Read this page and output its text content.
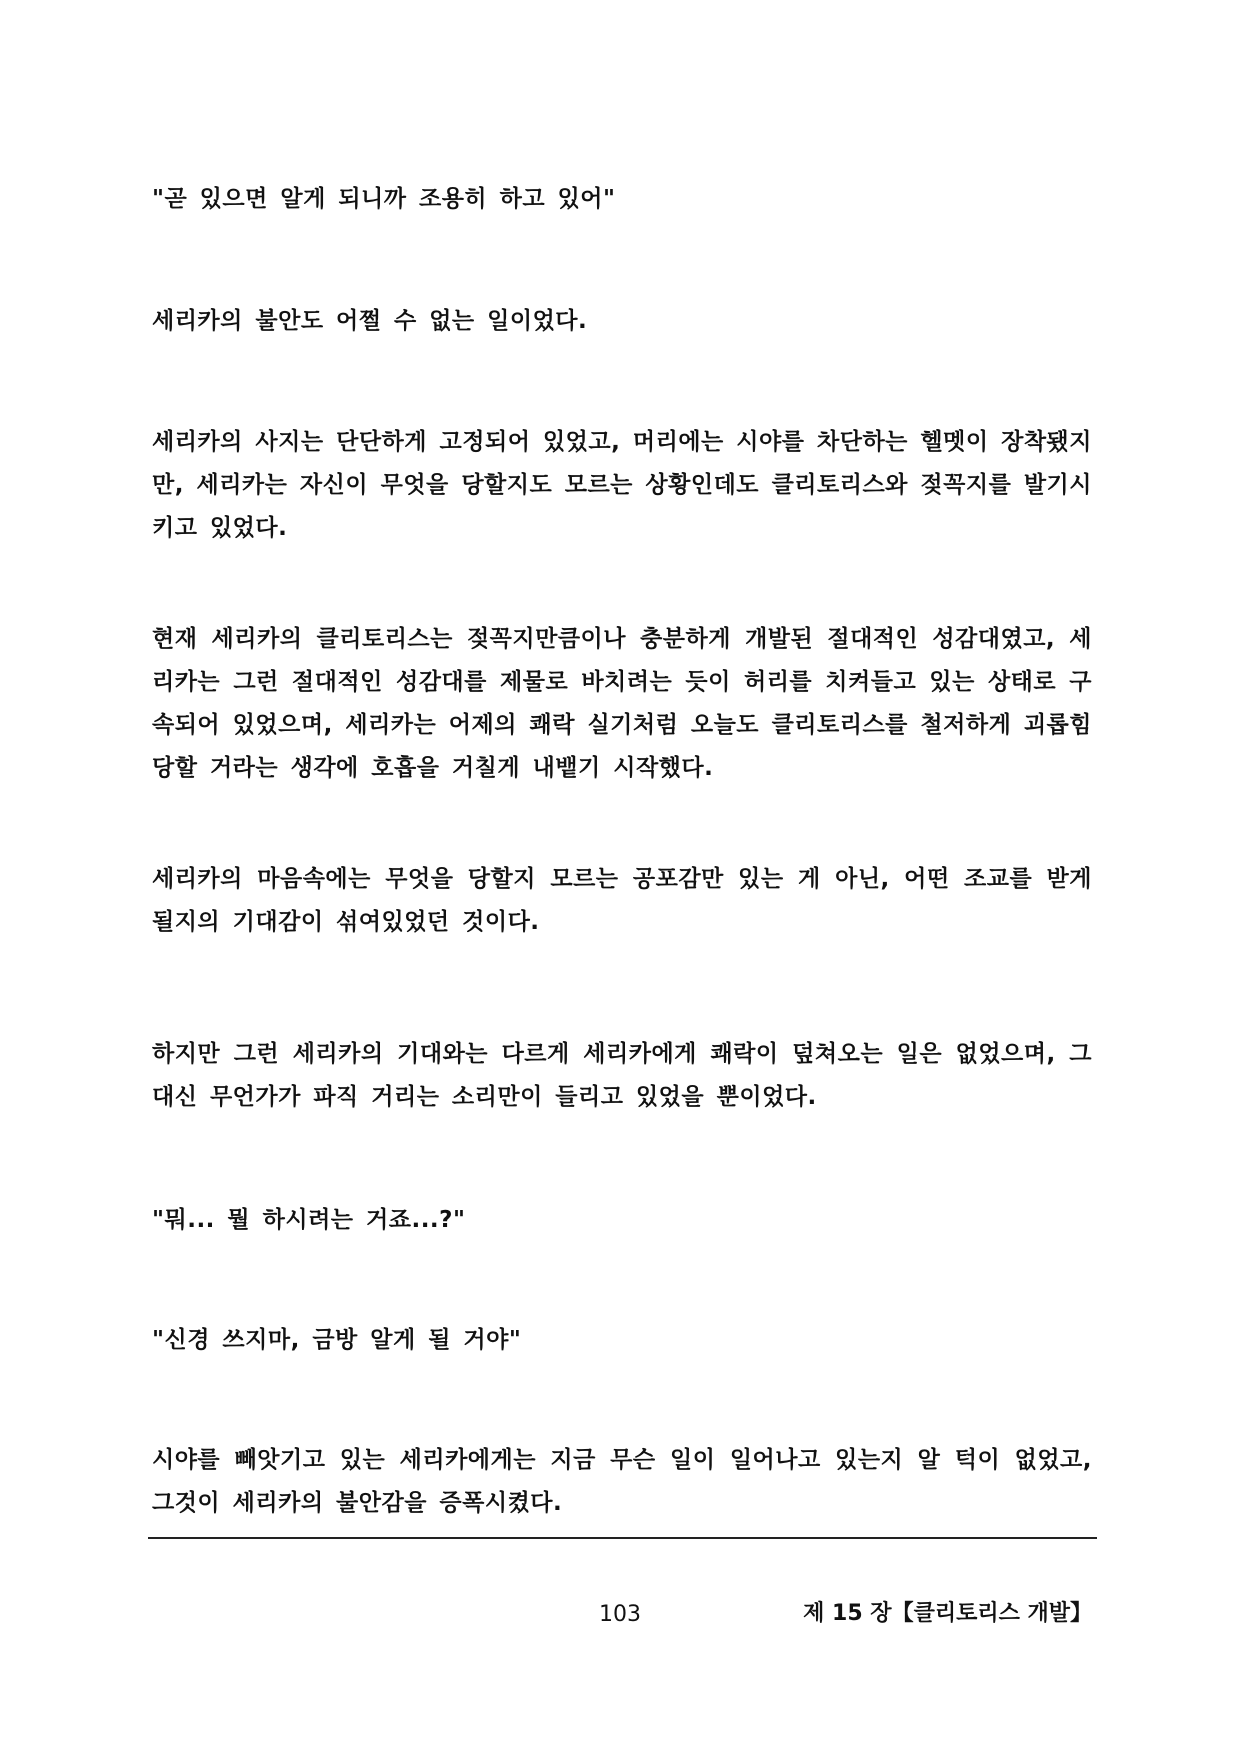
"곧 있으면 알게 되니까 조용히 하고 있어"

세리카의 불안도 어쩔 수 없는 일이었다.

세리카의 사지는 단단하게 고정되어 있었고, 머리에는 시야를 차단하는 헬멧이 장착됐지만, 세리카는 자신이 무엇을 당할지도 모르는 상황인데도 클리토리스와 젖꼭지를 발기시키고 있었다.

현재 세리카의 클리토리스는 젖꼭지만큼이나 충분하게 개발된 절대적인 성감대였고, 세리카는 그런 절대적인 성감대를 제물로 바치려는 듯이 허리를 치켜들고 있는 상태로 구속되어 있었으며, 세리카는 어제의 쾌락 실기처럼 오늘도 클리토리스를 철저하게 괴롭힘 당할 거라는 생각에 호흡을 거칠게 내뱉기 시작했다.

세리카의 마음속에는 무엇을 당할지 모르는 공포감만 있는 게 아닌, 어떤 조교를 받게 될지의 기대감이 섞여있었던 것이다.

하지만 그런 세리카의 기대와는 다르게 세리카에게 쾌락이 덮쳐오는 일은 없었으며, 그 대신 무언가가 파직 거리는 소리만이 들리고 있었을 뿐이었다.

"뭐... 뭘 하시려는 거죠...?"

"신경 쓰지마, 금방 알게 될 거야"

시야를 빼앗기고 있는 세리카에게는 지금 무슨 일이 일어나고 있는지 알 턱이 없었고, 그것이 세리카의 불안감을 증폭시켰다.

103	제 15 장【클리토리스 개발】
